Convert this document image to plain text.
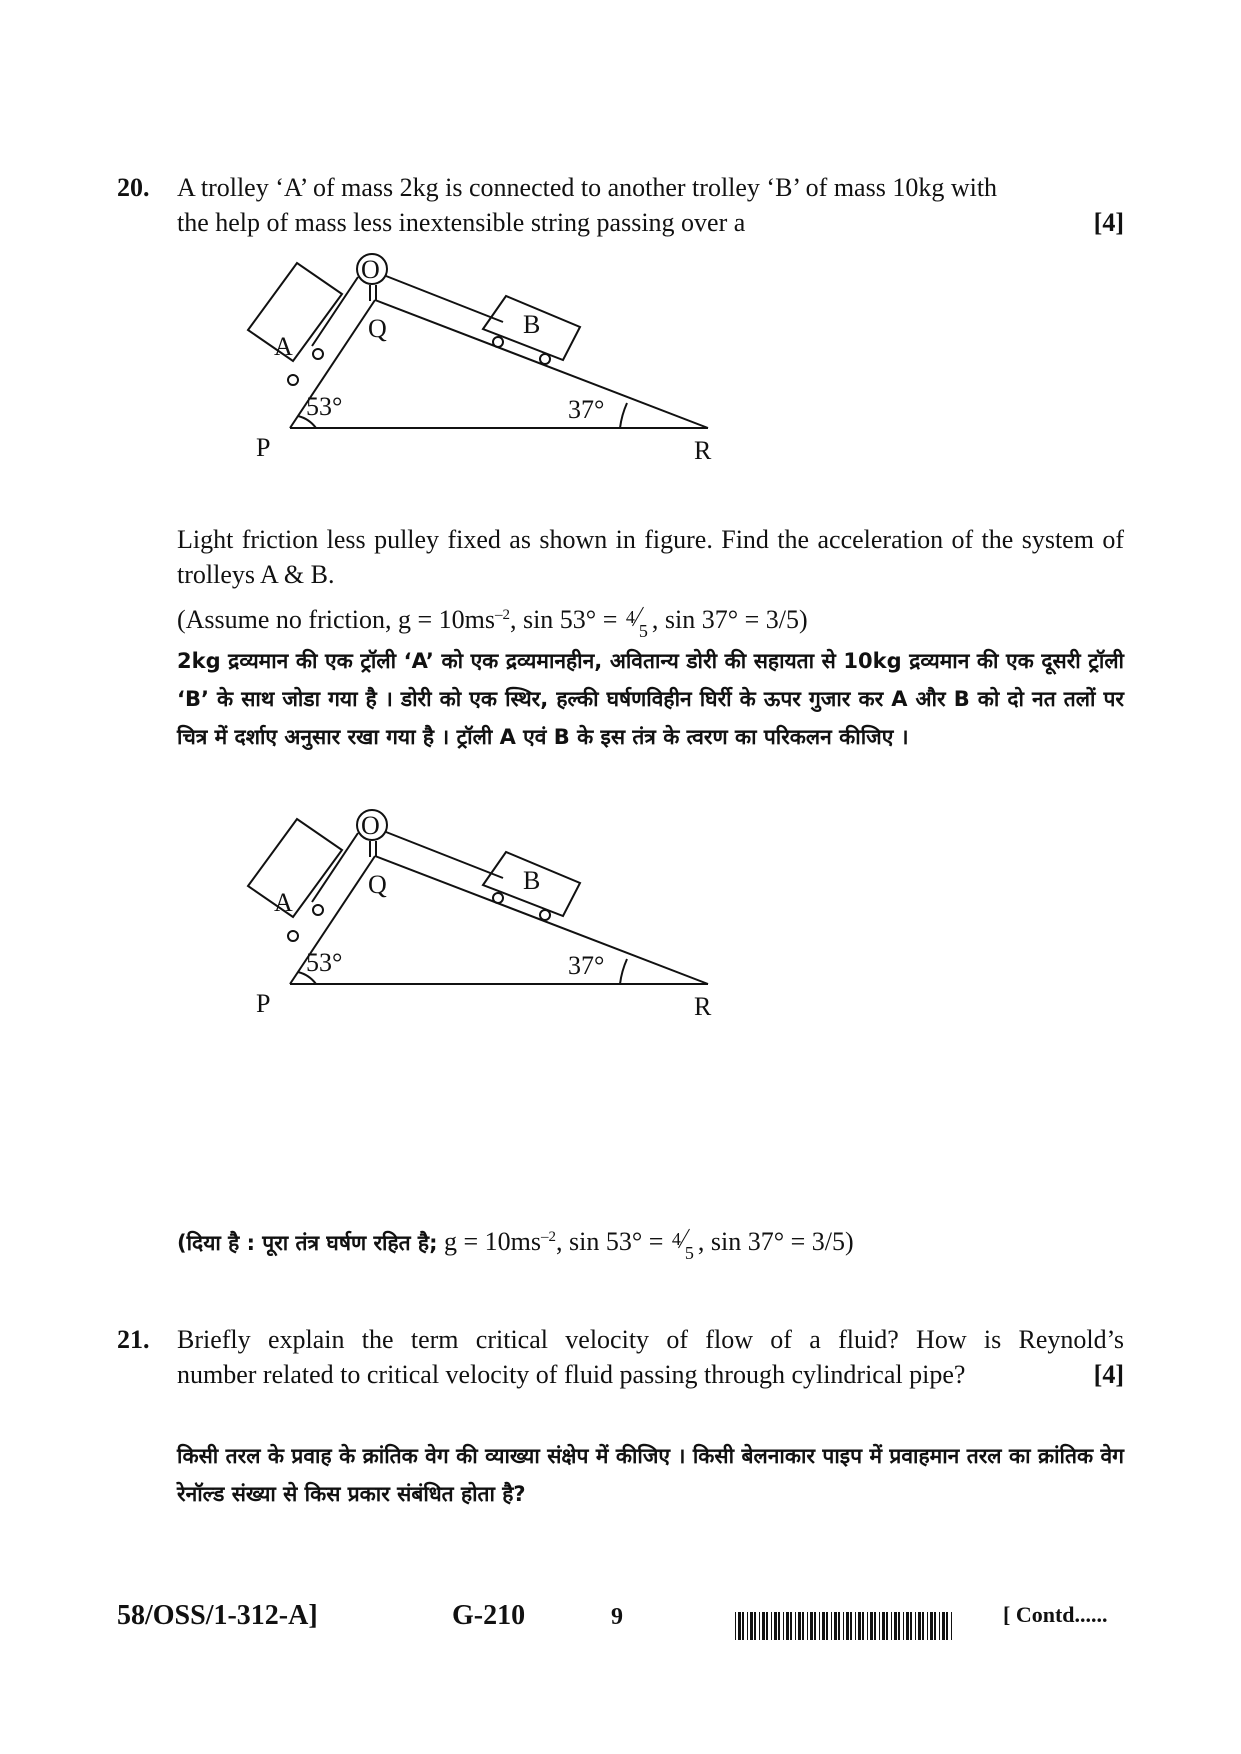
20. A trolley ‘A’ of mass 2kg is connected to another trolley ‘B’ of mass 10kg with
the help of mass less inextensible string passing over a	[4]
O
Q
A
B
53°	37°
P	R
Light friction less pulley fixed as shown in figure. Find the acceleration of the system of trolleys A & B.
(Assume no friction, $g = 10ms^{-2}$, sin 53° = 4
5 , sin 37° = 3/5)
2kg द्रव्यमान की एक ट्रॉली ‘A’ को एक द्रव्यमानहीन, अवितान्य डोरी की सहायता से 10kg द्रव्यमान की एक दूसरी ट्रॉली ‘B’ के साथ जोडा गया है । डोरी को एक स्थिर, हल्की घर्षणविहीन घिर्री के ऊपर गुजार कर A और B को दो नत तलों पर चित्र में दर्शाए अनुसार रखा गया है । ट्रॉली A एवं B के इस तंत्र के त्वरण का परिकलन कीजिए ।
O
Q
A
B
53°	37°
P	R
(दिया है : पूरा तंत्र घर्षण रहित है; $g = 10ms^{-2}$, sin 53° = 4
5 , sin 37° = 3/5)
21. Briefly explain the term critical velocity of flow of a fluid? How is Reynold’s
number related to critical velocity of fluid passing through cylindrical pipe?	[4]
किसी तरल के प्रवाह के क्रांतिक वेग की व्याख्या संक्षेप में कीजिए । किसी बेलनाकार पाइप में प्रवाहमान तरल का क्रांतिक वेग रेनॉल्ड संख्या से किस प्रकार संबंधित होता है?
58/OSS/1-312-A]	G-210	9	[ Contd......
